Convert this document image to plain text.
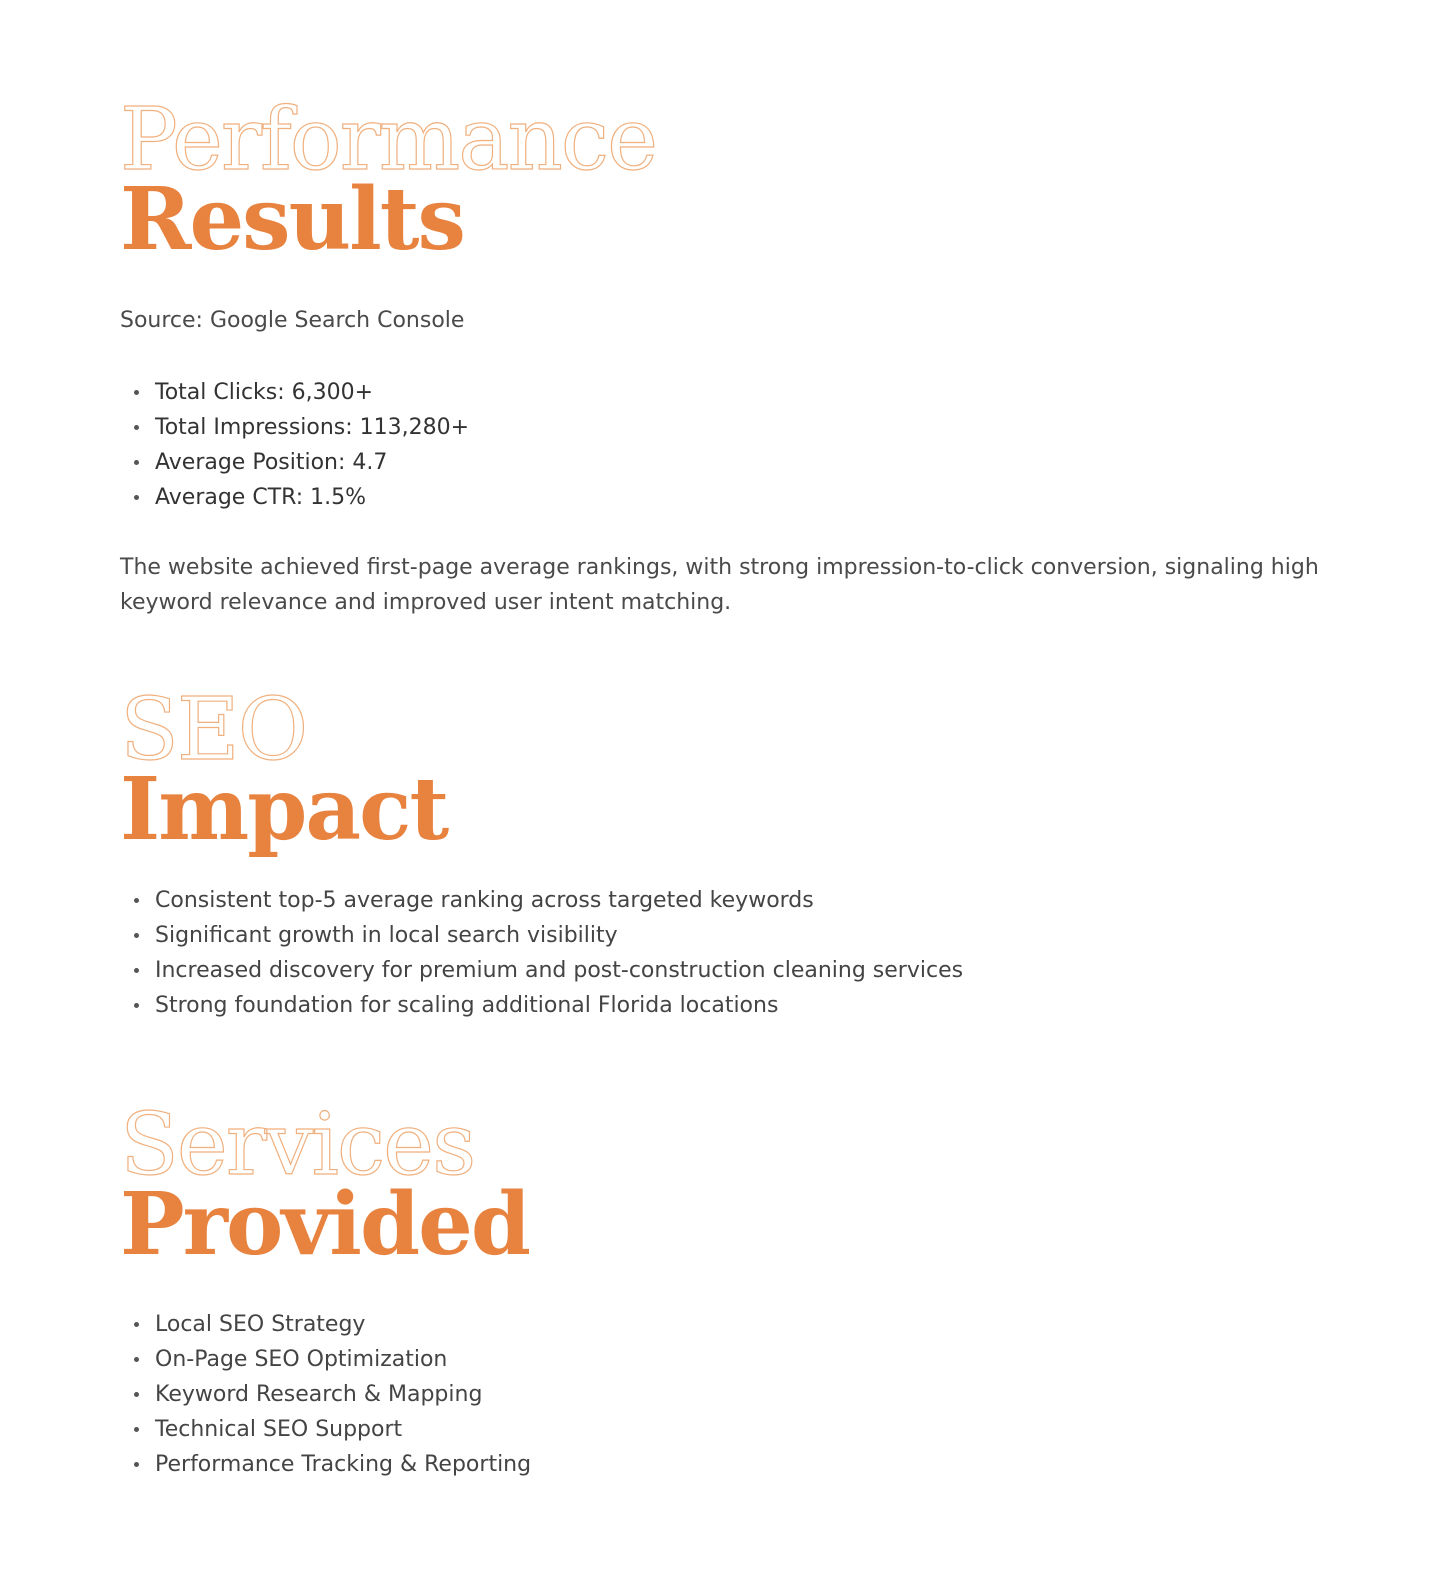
Performance
Results

Source: Google Search Console

Total Clicks: 6,300+
Total Impressions: 113,280+
Average Position: 4.7
Average CTR: 1.5%

The website achieved first-page average rankings, with strong impression-to-click conversion, signaling high keyword relevance and improved user intent matching.

SEO
Impact
Consistent top-5 average ranking across targeted keywords
Significant growth in local search visibility
Increased discovery for premium and post-construction cleaning services
Strong foundation for scaling additional Florida locations
Services
Provided
Local SEO Strategy
On-Page SEO Optimization
Keyword Research & Mapping
Technical SEO Support
Performance Tracking & Reporting
